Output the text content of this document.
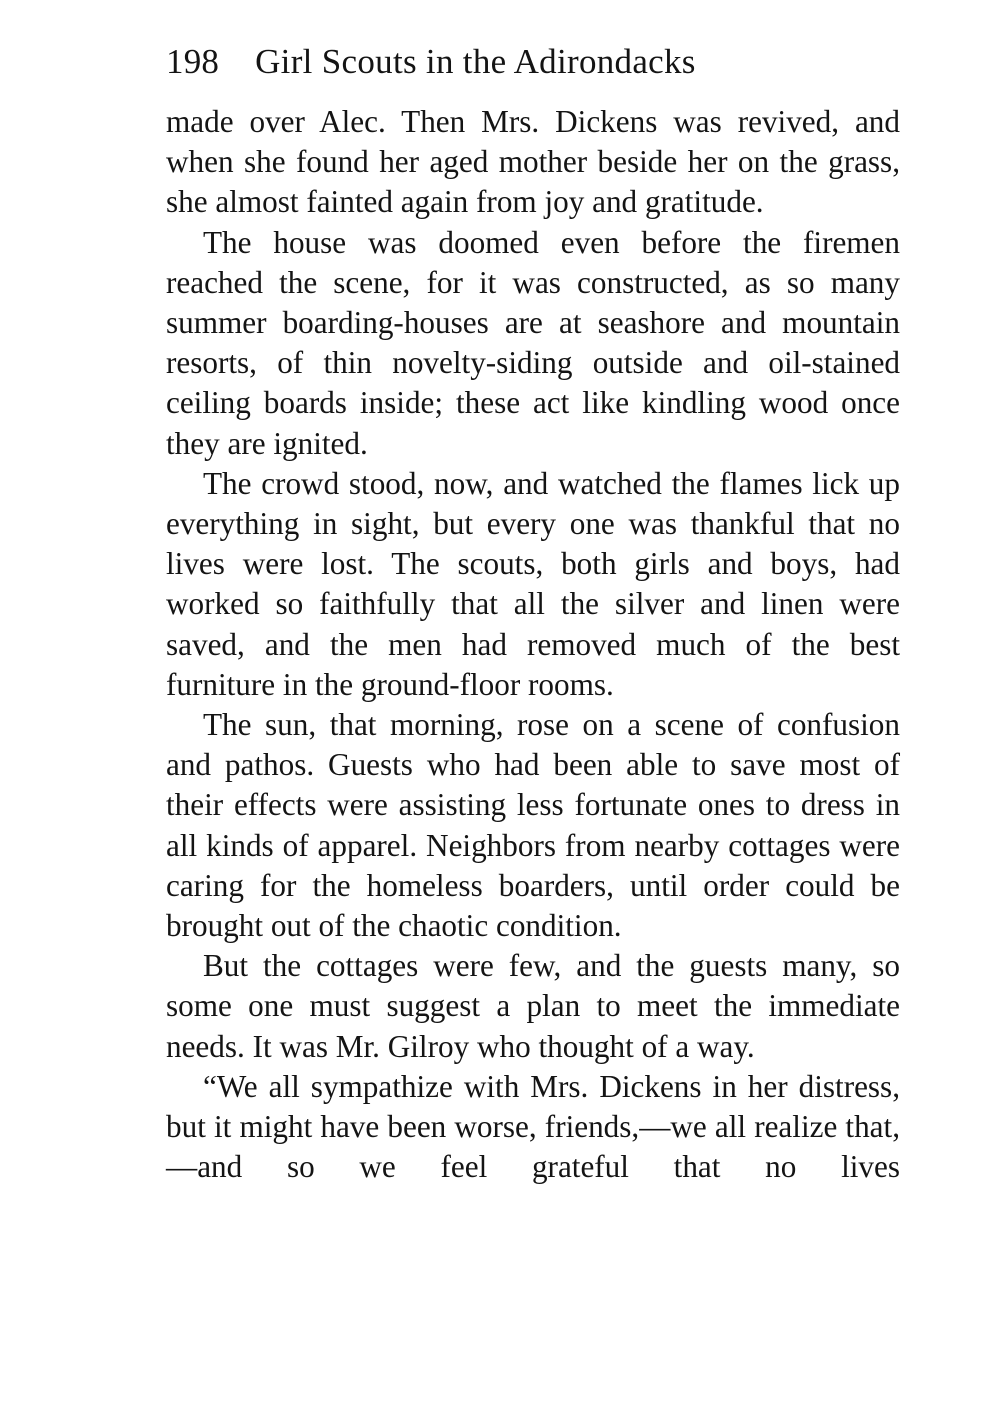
198 Girl Scouts in the Adirondacks

made over Alec. Then Mrs. Dickens was revived, and when she found her aged mother beside her on the grass, she almost fainted again from joy and gratitude.

The house was doomed even before the firemen reached the scene, for it was constructed, as so many summer boarding-houses are at seashore and mountain resorts, of thin novelty-siding outside and oil-stained ceiling boards inside; these act like kindling wood once they are ignited.

The crowd stood, now, and watched the flames lick up everything in sight, but every one was thankful that no lives were lost. The scouts, both girls and boys, had worked so faithfully that all the silver and linen were saved, and the men had removed much of the best furniture in the ground-floor rooms.

The sun, that morning, rose on a scene of confusion and pathos. Guests who had been able to save most of their effects were assisting less fortunate ones to dress in all kinds of apparel. Neighbors from nearby cottages were caring for the homeless boarders, until order could be brought out of the chaotic condition.

But the cottages were few, and the guests many, so some one must suggest a plan to meet the immediate needs. It was Mr. Gilroy who thought of a way.

“We all sympathize with Mrs. Dickens in her distress, but it might have been worse, friends,—we all realize that,—and so we feel grateful that no lives
